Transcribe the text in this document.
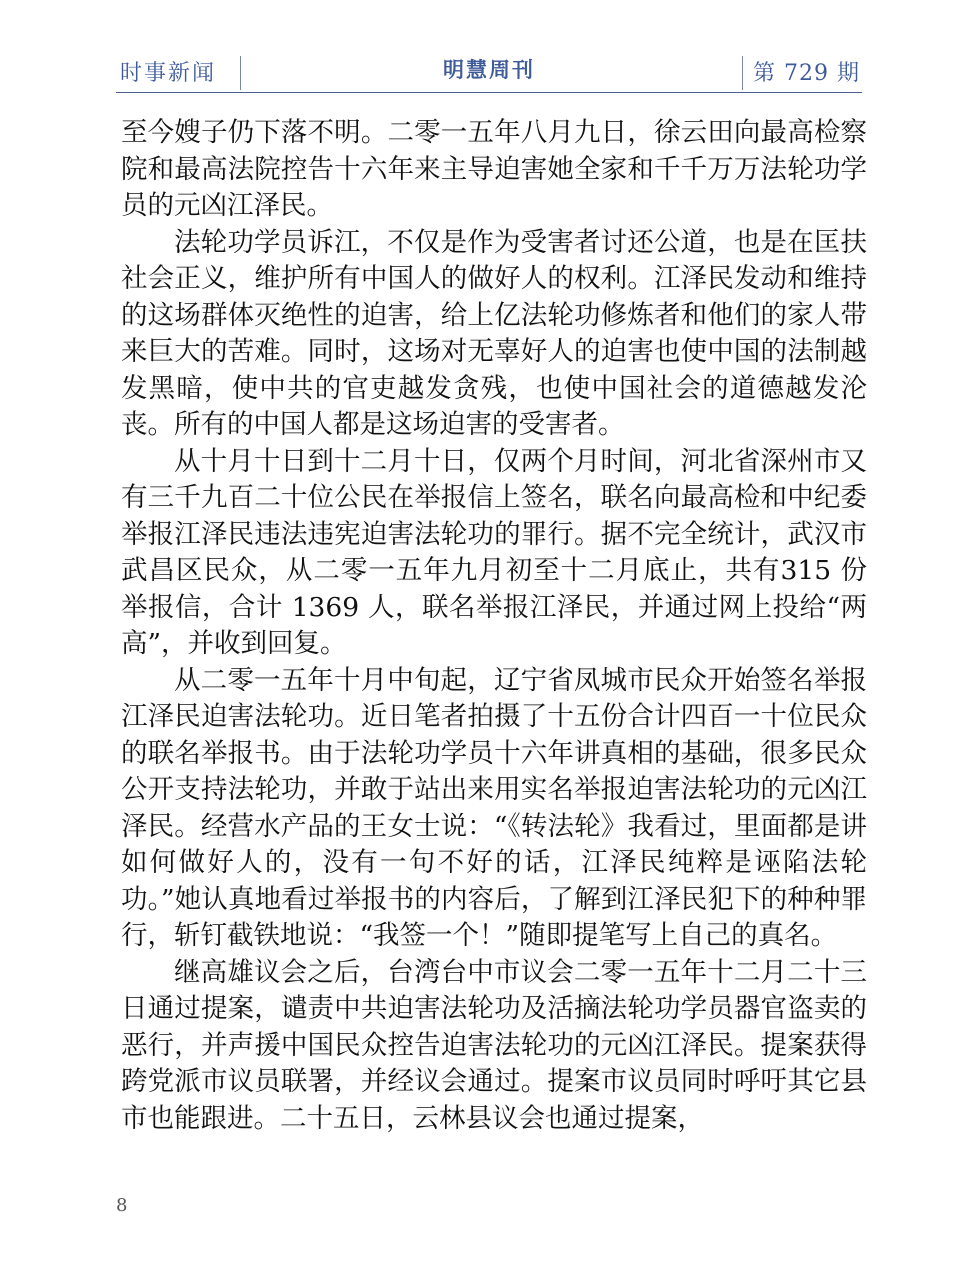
时事新闻	明慧周刊	第 729 期

至今嫂子仍下落不明。二零一五年八月九日，徐云田向最高检察院和最高法院控告十六年来主导迫害她全家和千千万万法轮功学员的元凶江泽民。

法轮功学员诉江，不仅是作为受害者讨还公道，也是在匡扶社会正义，维护所有中国人的做好人的权利。江泽民发动和维持的这场群体灭绝性的迫害，给上亿法轮功修炼者和他们的家人带来巨大的苦难。同时，这场对无辜好人的迫害也使中国的法制越发黑暗，使中共的官吏越发贪残，也使中国社会的道德越发沦丧。所有的中国人都是这场迫害的受害者。

从十月十日到十二月十日，仅两个月时间，河北省深州市又有三千九百二十位公民在举报信上签名，联名向最高检和中纪委举报江泽民违法违宪迫害法轮功的罪行。据不完全统计，武汉市武昌区民众，从二零一五年九月初至十二月底止，共有315 份举报信，合计 1369 人，联名举报江泽民，并通过网上投给“两高”，并收到回复。

从二零一五年十月中旬起，辽宁省凤城市民众开始签名举报江泽民迫害法轮功。近日笔者拍摄了十五份合计四百一十位民众的联名举报书。由于法轮功学员十六年讲真相的基础，很多民众公开支持法轮功，并敢于站出来用实名举报迫害法轮功的元凶江泽民。经营水产品的王女士说：“《转法轮》我看过，里面都是讲如何做好人的，没有一句不好的话，江泽民纯粹是诬陷法轮功。”她认真地看过举报书的内容后，了解到江泽民犯下的种种罪行，斩钉截铁地说：“我签一个！”随即提笔写上自己的真名。

继高雄议会之后，台湾台中市议会二零一五年十二月二十三日通过提案，谴责中共迫害法轮功及活摘法轮功学员器官盗卖的恶行，并声援中国民众控告迫害法轮功的元凶江泽民。提案获得跨党派市议员联署，并经议会通过。提案市议员同时呼吁其它县市也能跟进。二十五日，云林县议会也通过提案，

8
